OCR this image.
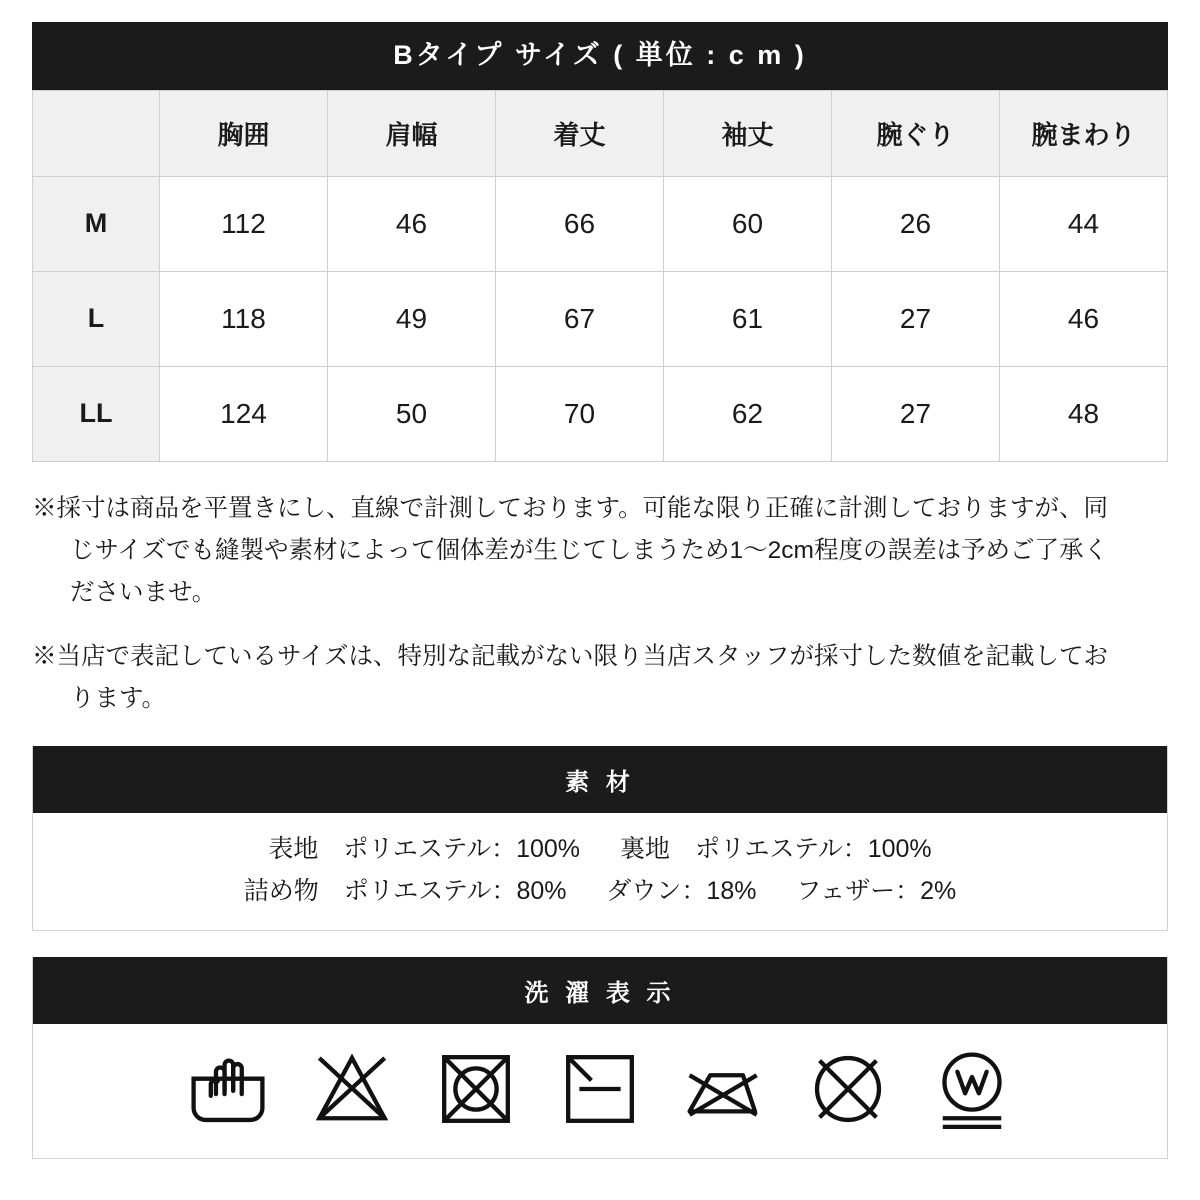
Bタイプ サイズ ( 単位 : c m )
	胸囲	肩幅	着丈	袖丈	腕ぐり	腕まわり
M	112	46	66	60	26	44
L	118	49	67	61	27	46
LL	124	50	70	62	27	48
※採寸は商品を平置きにし、直線で計測しております。可能な限り正確に計測しておりますが、同じサイズでも縫製や素材によって個体差が生じてしまうため1〜2cm程度の誤差は予めご了承くださいませ。
※当店で表記しているサイズは、特別な記載がない限り当店スタッフが採寸した数値を記載しております。
素 材
表地　ポリエステル：100% 裏地　ポリエステル：100%
詰め物　ポリエステル：80% ダウン：18% フェザー：2%
洗 濯 表 示
